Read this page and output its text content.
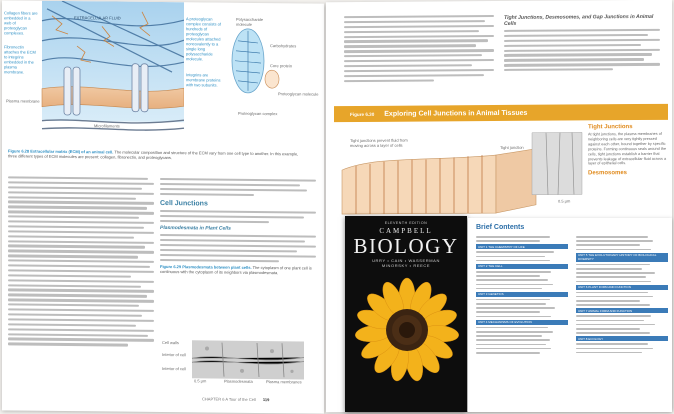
Collagen fibers are embedded in a web of proteoglycan complexes.
Fibronectin attaches the ECM to integrins embedded in the plasma membrane.
Plasma membrane
EXTRACELLULAR FLUID	A proteoglycan complex consists of hundreds of proteoglycan molecules attached noncovalently to a single long polysaccharide molecule.
Integrins are membrane proteins with two subunits.
Polysaccharide molecule
Carbohydrates
Core protein
Proteoglycan molecule
Proteoglycan complex
Microfilaments
Figure 6.28 Extracellular matrix (ECM) of an animal cell. The molecular composition and structure of the ECM vary from one cell type to another. In this example, three different types of ECM molecules are present: collagen, fibronectin, and proteoglycans.
Cell Junctions
Plasmodesmata in Plant Cells
Figure 6.29 Plasmodesmata between plant cells. The cytoplasm of one plant cell is continuous with the cytoplasm of its neighbors via plasmodesmata.
Cell walls
Interior of cell
Interior of cell
0.5 µm	Plasmodesmata	Plasma membranes
CHAPTER 6 A Tour of the Cell 119
Tight Junctions, Desmosomes, and Gap Junctions in Animal Cells
Figure 6.30 Exploring Cell Junctions in Animal Tissues
Tight junctions prevent fluid from moving across a layer of cells	Tight junction
0.5 µm
Tight Junctions
At tight junctions, the plasma membranes of neighboring cells are very tightly pressed against each other, bound together by specific proteins. Forming continuous seals around the cells, tight junctions establish a barrier that prevents leakage of extracellular fluid across a layer of epithelial cells.
Desmosomes
ELEVENTH EDITION
CAMPBELL
BIOLOGY
URRY • CAIN • WASSERMAN
MINORSKY • REECE
Brief Contents
UNIT 1 THE CHEMISTRY OF LIFE
UNIT 2 THE CELL
UNIT 3 GENETICS
UNIT 4 MECHANISMS OF EVOLUTION
UNIT 5 THE EVOLUTIONARY HISTORY OF BIOLOGICAL DIVERSITY
UNIT 6 PLANT FORM AND FUNCTION
UNIT 7 ANIMAL FORM AND FUNCTION
UNIT 8 ECOLOGY
